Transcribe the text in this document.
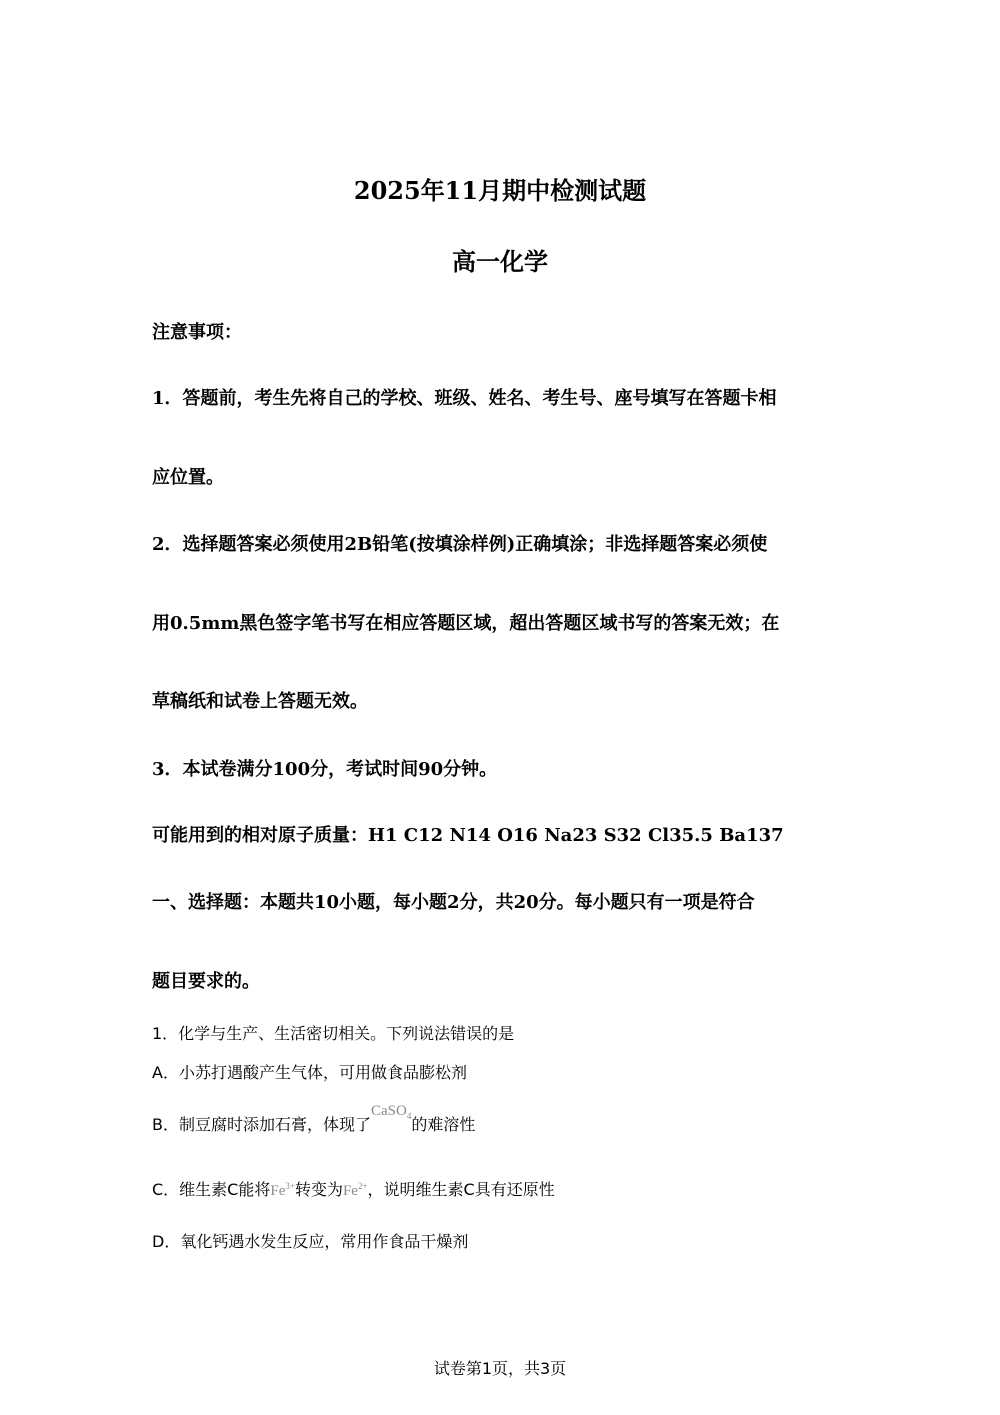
2025年11月期中检测试题
高一化学
注意事项：
1．答题前，考生先将自己的学校、班级、姓名、考生号、座号填写在答题卡相
应位置。
2．选择题答案必须使用2B铅笔(按填涂样例)正确填涂；非选择题答案必须使
用0.5mm黑色签字笔书写在相应答题区域，超出答题区域书写的答案无效；在
草稿纸和试卷上答题无效。
3．本试卷满分100分，考试时间90分钟。
可能用到的相对原子质量：H1 C12 N14 O16 Na23 S32 Cl35.5 Ba137
一、选择题：本题共10小题，每小题2分，共20分。每小题只有一项是符合
题目要求的。
1．化学与生产、生活密切相关。下列说法错误的是
A．小苏打遇酸产生气体，可用做食品膨松剂
B．制豆腐时添加石膏，体现了CaSO$_4$的难溶性
C．维生素C能将$Fe^{3+}$转变为$Fe^{2+}$，说明维生素C具有还原性
D．氧化钙遇水发生反应，常用作食品干燥剂
试卷第1页，共3页
